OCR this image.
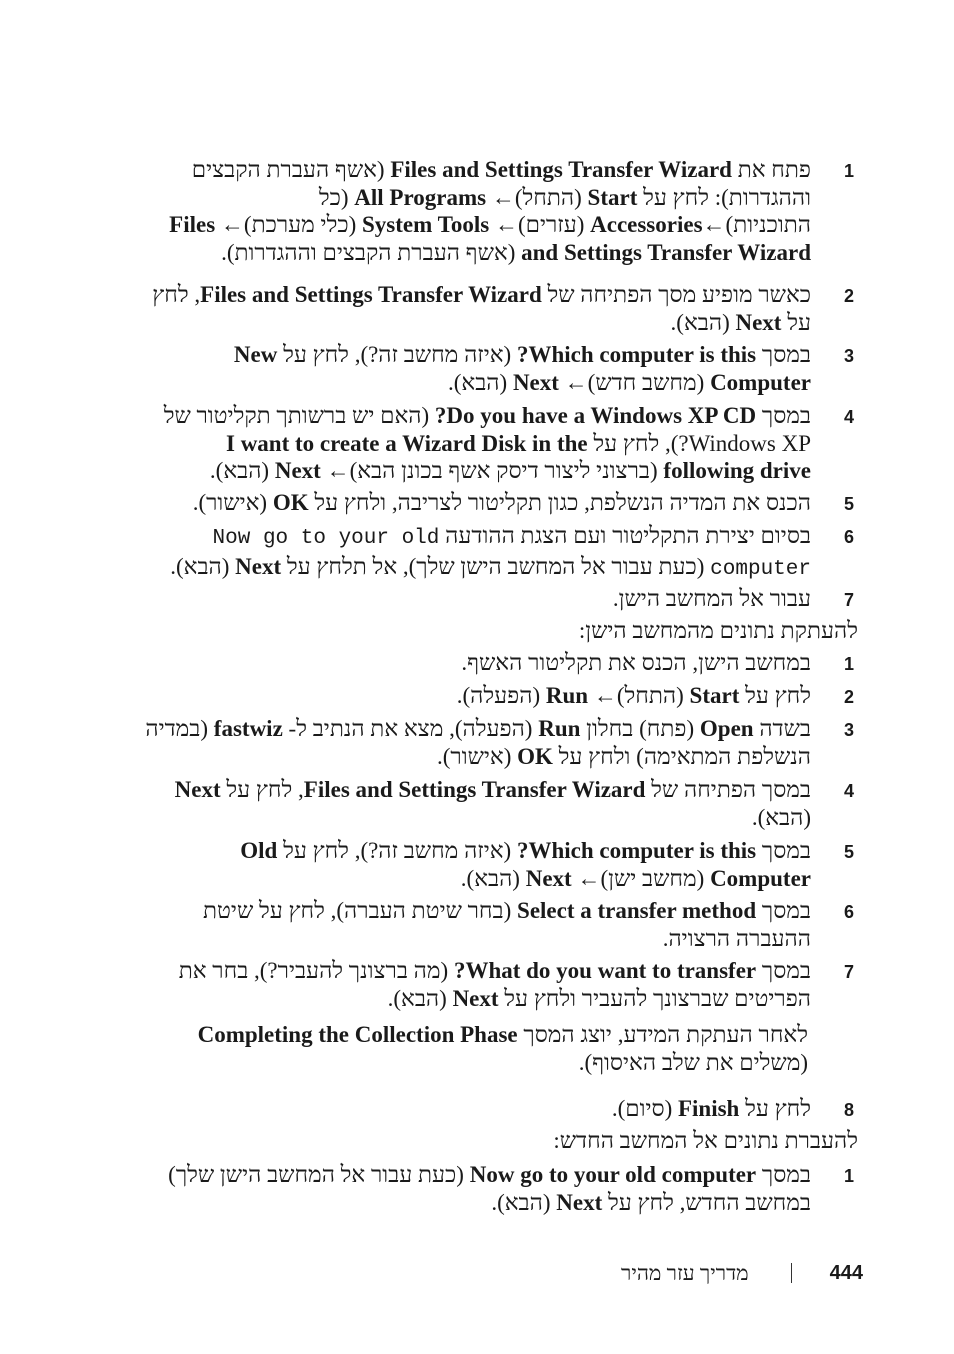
1
פתח את Files and Settings Transfer Wizard (אשף העברת הקבצים וההגדרות): לחץ על Start (התחל)← All Programs (כל התוכניות)←Accessories (עזרים)← System Tools (כלי מערכת)← Files and Settings Transfer Wizard (אשף העברת הקבצים וההגדרות).
2
כאשר מופיע מסך הפתיחה של Files and Settings Transfer Wizard, לחץ על Next (הבא).
3
במסך Which computer is this? (איזה מחשב זה?), לחץ על New Computer (מחשב חדש)← Next (הבא).
4
במסך Do you have a Windows XP CD? (האם יש ברשותך תקליטור של Windows XP?), לחץ על I want to create a Wizard Disk in the following drive (ברצוני ליצור דיסק אשף בכונן הבא)← Next (הבא).
5
הכנס את המדיה הנשלפת, כגון תקליטור לצריבה, ולחץ על OK (אישור).
6
בסיום יצירת התקליטור ועם הצגת ההודעה Now go to your old computer (כעת עבור אל המחשב הישן שלך), אל תלחץ על Next (הבא).
7
עבור אל המחשב הישן.
להעתקת נתונים מהמחשב הישן:
1
במחשב הישן, הכנס את תקליטור האשף.
2
לחץ על Start (התחל)← Run (הפעלה).
3
בשדה Open (פתח) בחלון Run (הפעלה), מצא את הנתיב ל- fastwiz (במדיה הנשלפת המתאימה) ולחץ על OK (אישור).
4
במסך הפתיחה של Files and Settings Transfer Wizard, לחץ על Next (הבא).
5
במסך Which computer is this? (איזה מחשב זה?), לחץ על Old Computer (מחשב ישן)← Next (הבא).
6
במסך Select a transfer method (בחר שיטת העברה), לחץ על שיטת ההעברה הרצויה.
7
במסך What do you want to transfer? (מה ברצונך להעביר?), בחר את הפריטים שברצונך להעביר ולחץ על Next (הבא).
לאחר העתקת המידע, יוצג המסך Completing the Collection Phase (משלים את שלב האיסוף).
8
לחץ על Finish (סיום).
להעברת נתונים אל המחשב החדש:
1
במסך Now go to your old computer (כעת עבור אל המחשב הישן שלך) במחשב החדש, לחץ על Next (הבא).
444
מדריך עזר מהיר
